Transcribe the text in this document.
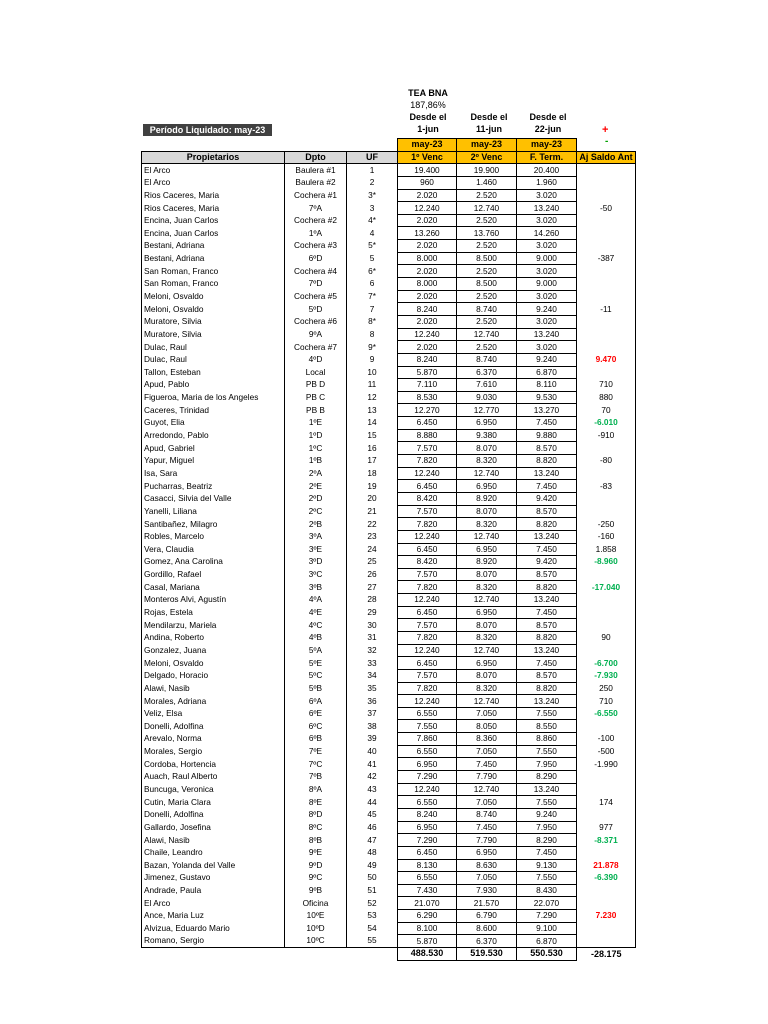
TEA BNA
187,86%
Desde el
1-jun
Desde el
11-jun
Desde el
22-jun
Período Liquidado: may-23	+
-
			may-23	may-23	may-23	
Propietarios	Dpto	UF	1º Venc	2º Venc	F. Term.	Aj Saldo Ant
El Arco	Baulera #1	1	19.400	19.900	20.400	
El Arco	Baulera #2	2	960	1.460	1.960	
Rios Caceres, Maria	Cochera #1	3*	2.020	2.520	3.020	
Rios Caceres, Maria	7ºA	3	12.240	12.740	13.240	-50
Encina, Juan Carlos	Cochera #2	4*	2.020	2.520	3.020	
Encina, Juan Carlos	1ºA	4	13.260	13.760	14.260	
Bestani, Adriana	Cochera #3	5*	2.020	2.520	3.020	
Bestani, Adriana	6ºD	5	8.000	8.500	9.000	-387
San Roman, Franco	Cochera #4	6*	2.020	2.520	3.020	
San Roman, Franco	7ºD	6	8.000	8.500	9.000	
Meloni, Osvaldo	Cochera #5	7*	2.020	2.520	3.020	
Meloni, Osvaldo	5ºD	7	8.240	8.740	9.240	-11
Muratore, Silvia	Cochera #6	8*	2.020	2.520	3.020	
Muratore, Silvia	9ºA	8	12.240	12.740	13.240	
Dulac, Raul	Cochera #7	9*	2.020	2.520	3.020	
Dulac, Raul	4ºD	9	8.240	8.740	9.240	9.470
Tallon, Esteban	Local	10	5.870	6.370	6.870	
Apud, Pablo	PB D	11	7.110	7.610	8.110	710
Figueroa, Maria de los Angeles	PB C	12	8.530	9.030	9.530	880
Caceres, Trinidad	PB B	13	12.270	12.770	13.270	70
Guyot, Elia	1ºE	14	6.450	6.950	7.450	-6.010
Arredondo, Pablo	1ºD	15	8.880	9.380	9.880	-910
Apud, Gabriel	1ºC	16	7.570	8.070	8.570	
Yapur, Miguel	1ºB	17	7.820	8.320	8.820	-80
Isa, Sara	2ºA	18	12.240	12.740	13.240	
Pucharras, Beatriz	2ºE	19	6.450	6.950	7.450	-83
Casacci, Silvia del Valle	2ºD	20	8.420	8.920	9.420	
Yanelli, Liliana	2ºC	21	7.570	8.070	8.570	
Santibañez, Milagro	2ºB	22	7.820	8.320	8.820	-250
Robles, Marcelo	3ºA	23	12.240	12.740	13.240	-160
Vera, Claudia	3ºE	24	6.450	6.950	7.450	1.858
Gomez, Ana Carolina	3ºD	25	8.420	8.920	9.420	-8.960
Gordillo, Rafael	3ºC	26	7.570	8.070	8.570	
Casal, Mariana	3ºB	27	7.820	8.320	8.820	-17.040
Monteros Alvi, Agustín	4ºA	28	12.240	12.740	13.240	
Rojas, Estela	4ºE	29	6.450	6.950	7.450	
Mendilarzu, Mariela	4ºC	30	7.570	8.070	8.570	
Andina, Roberto	4ºB	31	7.820	8.320	8.820	90
Gonzalez, Juana	5ºA	32	12.240	12.740	13.240	
Meloni, Osvaldo	5ºE	33	6.450	6.950	7.450	-6.700
Delgado, Horacio	5ºC	34	7.570	8.070	8.570	-7.930
Alawi, Nasib	5ºB	35	7.820	8.320	8.820	250
Morales, Adriana	6ºA	36	12.240	12.740	13.240	710
Veliz, Elsa	6ºE	37	6.550	7.050	7.550	-6.550
Donelli, Adolfina	6ºC	38	7.550	8.050	8.550	
Arevalo, Norma	6ºB	39	7.860	8.360	8.860	-100
Morales, Sergio	7ºE	40	6.550	7.050	7.550	-500
Cordoba, Hortencia	7ºC	41	6.950	7.450	7.950	-1.990
Auach, Raul Alberto	7ºB	42	7.290	7.790	8.290	
Buncuga, Veronica	8ºA	43	12.240	12.740	13.240	
Cutin, Maria Clara	8ºE	44	6.550	7.050	7.550	174
Donelli, Adolfina	8ºD	45	8.240	8.740	9.240	
Gallardo, Josefina	8ºC	46	6.950	7.450	7.950	977
Alawi, Nasib	8ºB	47	7.290	7.790	8.290	-8.371
Chaile, Leandro	9ºE	48	6.450	6.950	7.450	
Bazan, Yolanda del Valle	9ºD	49	8.130	8.630	9.130	21.878
Jimenez, Gustavo	9ºC	50	6.550	7.050	7.550	-6.390
Andrade, Paula	9ºB	51	7.430	7.930	8.430	
El Arco	Oficina	52	21.070	21.570	22.070	
Ance, Maria Luz	10ºE	53	6.290	6.790	7.290	7.230
Alvizua, Eduardo Mario	10ºD	54	8.100	8.600	9.100	
Romano, Sergio	10ºC	55	5.870	6.370	6.870	
			488.530	519.530	550.530	-28.175
